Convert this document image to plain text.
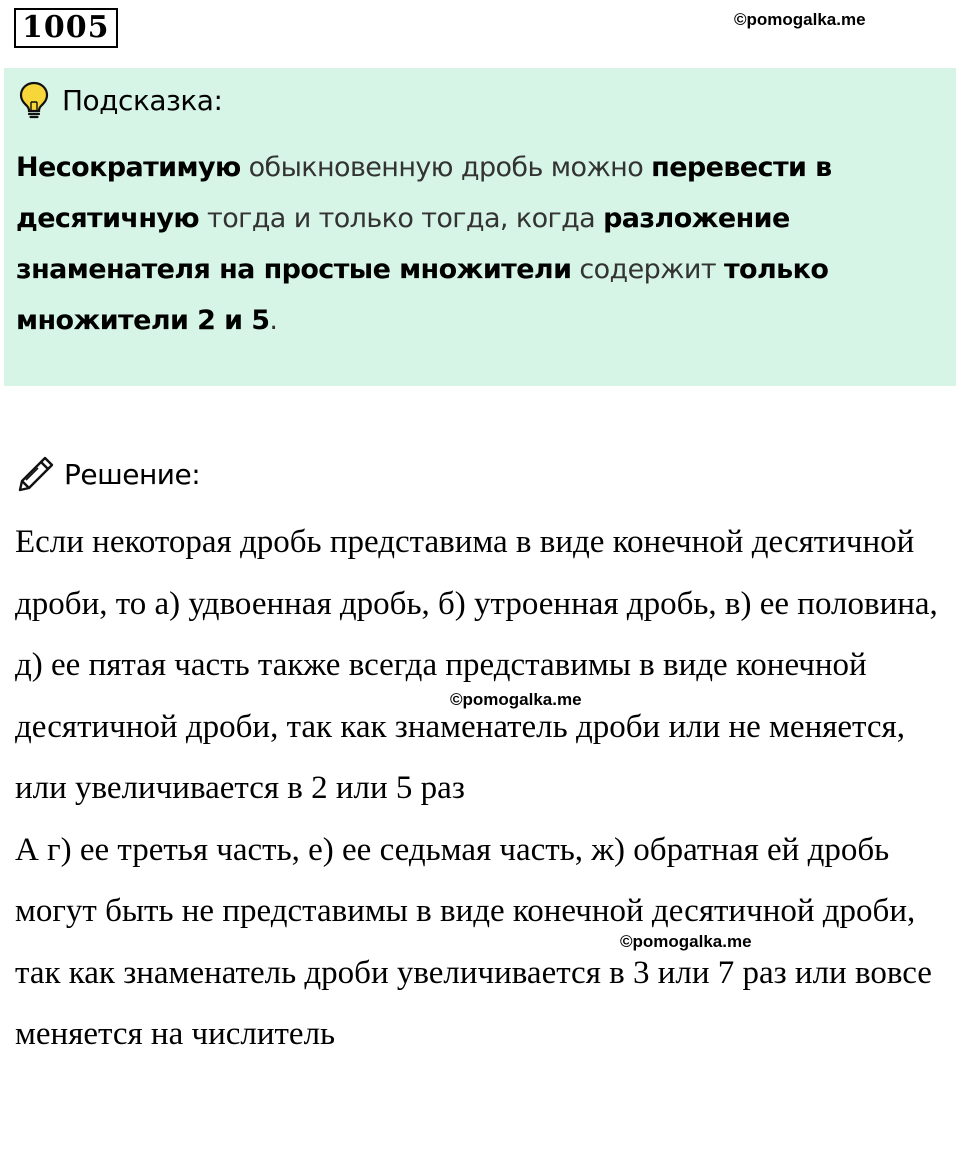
1005	©pomogalka.me
Подсказка:
Несократимую обыкновенную дробь можно перевести в десятичную тогда и только тогда, когда разложение знаменателя на простые множители содержит только множители 2 и 5.
Решение:

Если некоторая дробь представима в виде конечной десятичной дроби, то а) удвоенная дробь, б) утроенная дробь, в) ее половина, д) ее пятая часть также всегда представимы в виде конечной десятичной дроби, так как знаменатель дроби или не меняется, или увеличивается в 2 или 5 раз

А г) ее третья часть, е) ее седьмая часть, ж) обратная ей дробь могут быть не представимы в виде конечной десятичной дроби, так как знаменатель дроби увеличивается в 3 или 7 раз или вовсе меняется на числитель

©pomogalka.me
©pomogalka.me
